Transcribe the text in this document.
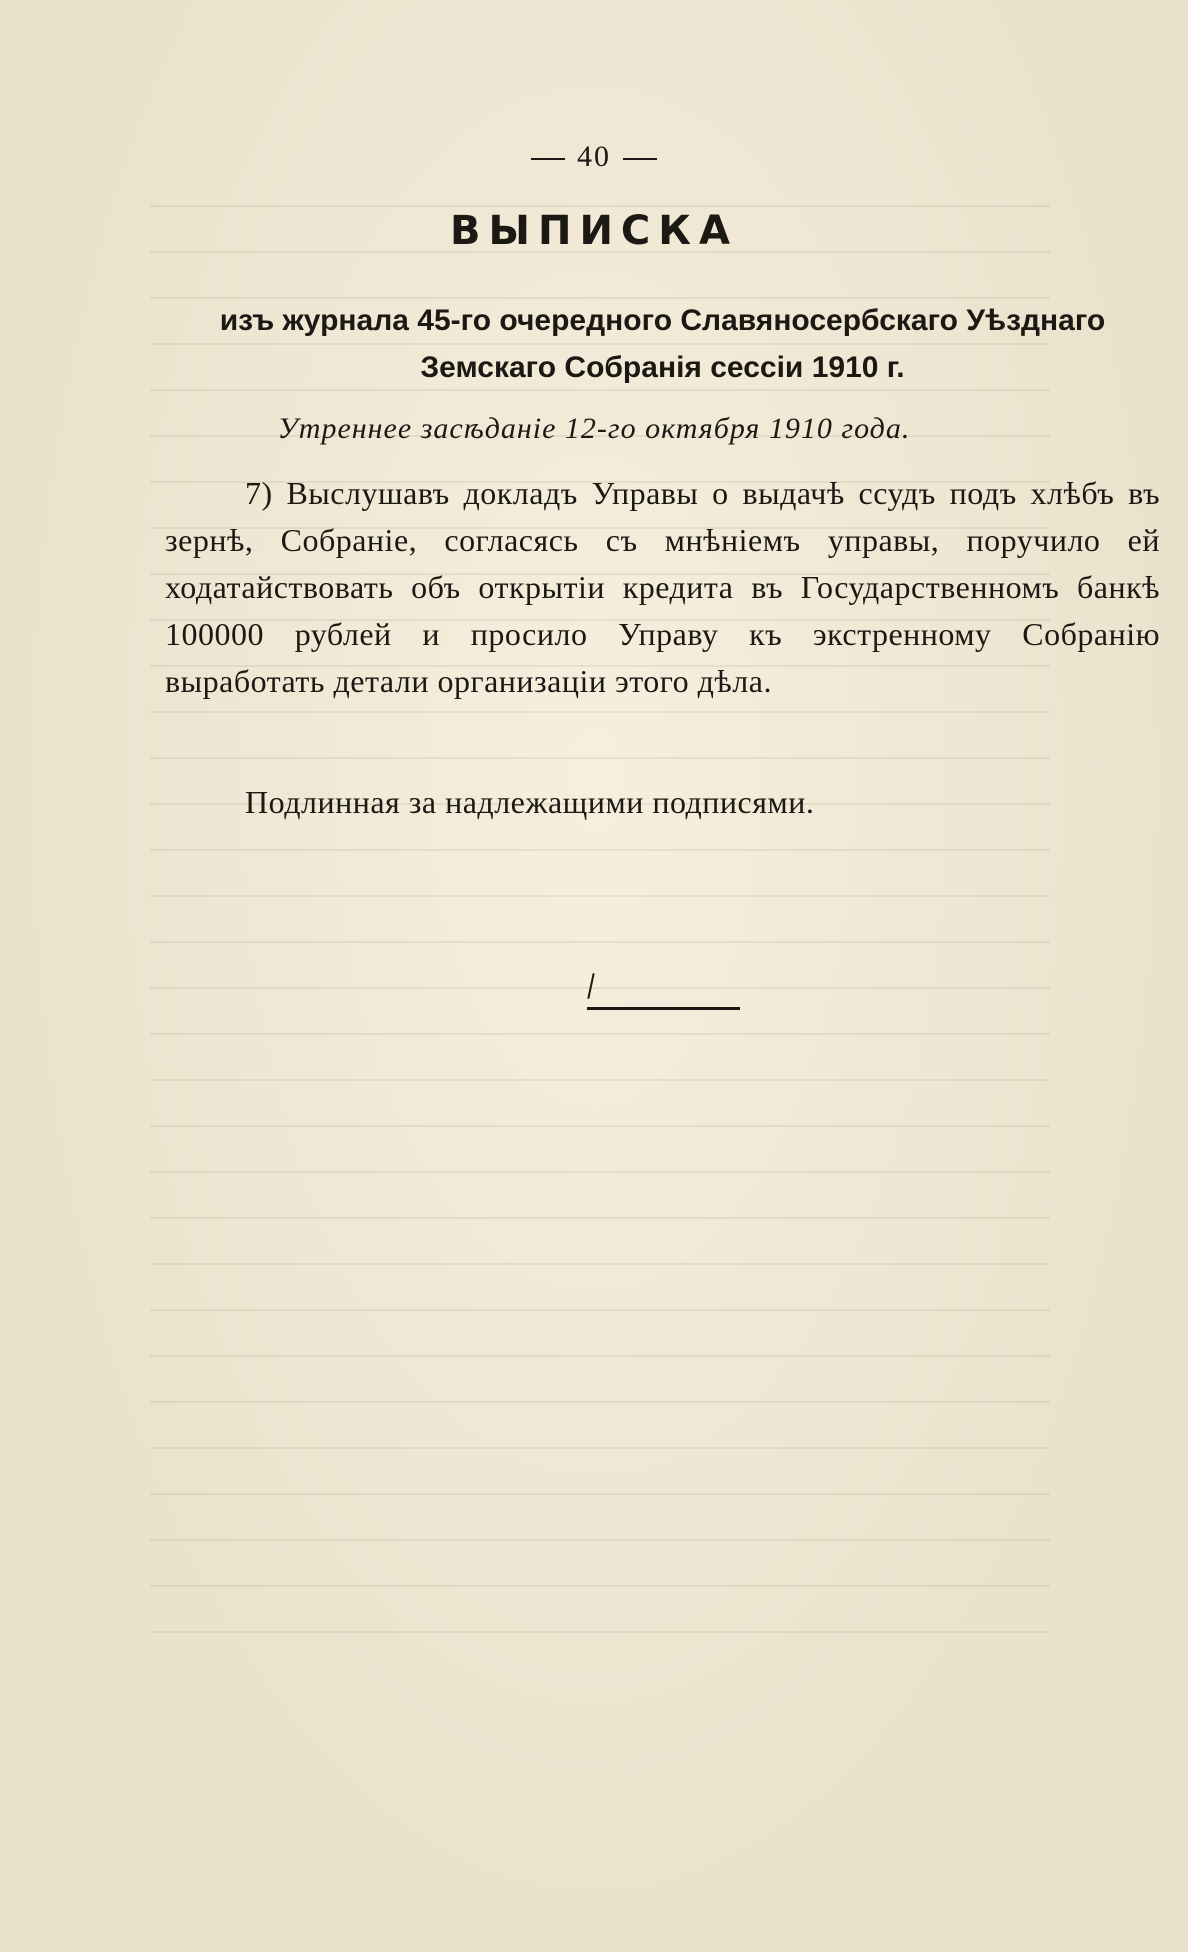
40
ВЫПИСКА
изъ журнала 45-го очередного Славяносербскаго Уѣзднаго Земскаго Собранія сессіи 1910 г.
Утреннее засѣданіе 12-го октября 1910 года.
7) Выслушавъ докладъ Управы о выдачѣ ссудъ подъ хлѣбъ въ зернѣ, Собраніе, согласясь съ мнѣніемъ управы, поручило ей ходатайствовать объ открытіи кредита въ Государственномъ банкѣ 100000 рублей и просило Управу къ экстренному Собранію выработать детали организаціи этого дѣла.
Подлинная за надлежащими подписями.
